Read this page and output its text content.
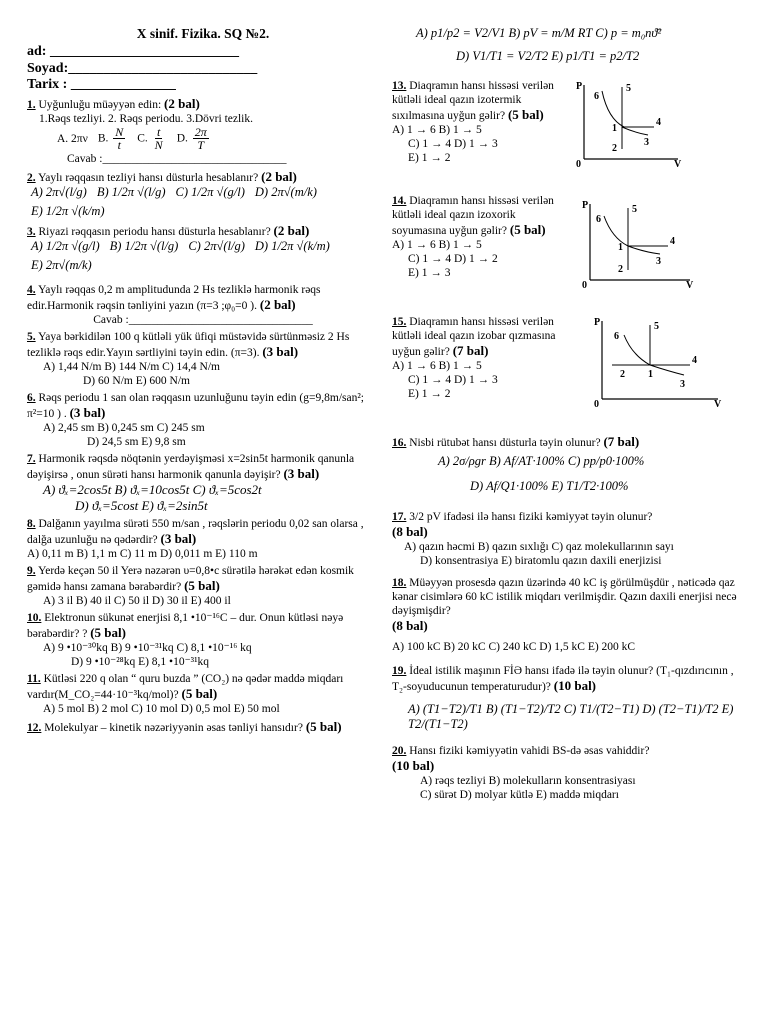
X sinif. Fizika. SQ №2.
ad: ___________________________
Soyad:___________________________
Tarix : _______________
1. Uyğunluğu müəyyən edin: (2 bal)
1.Rəqs tezliyi. 2. Rəqs periodu. 3.Dövri tezlik.
A. 2πν B. $\frac{N}{t} C$. $\frac{t}{N} D$. $\frac{2\pi}{T}$
Cavab :________________________________
2. Yaylı rəqqasın tezliyi hansı düsturla hesablanır? (2 bal)
A) 2π√(l/g) B) 1/2π √(l/g) C) 1/2π √(g/l) D) 2π√(m/k)
E) 1/2π √(k/m)
3. Riyazi rəqqasın periodu hansı düsturla hesablanır? (2 bal)
A) 1/2π √(g/l) B) 1/2π √(l/g) C) 2π√(l/g) D) 1/2π √(k/m)
E) 2π√(m/k)
4. Yaylı rəqqas 0,2 m amplitudunda 2 Hs tezliklə harmonik rəqs edir.Harmonik rəqsin tənliyini yazın (π=3 ;φ₀=0 ). (2 bal)
Cavab :________________________________
5. Yaya bərkidilən 100 q kütləli yük üfiqi müstəvidə sürtünməsiz 2 Hs tezliklə rəqs edir.Yayın sərtliyini təyin edin. (π=3). (3 bal)
A) 1,44 N/m B) 144 N/m C) 14,4 N/m
D) 60 N/m E) 600 N/m
6. Rəqs periodu 1 san olan rəqqasın uzunluğunu təyin edin (g=9,8m/san²; π²=10 ) . (3 bal)
A) 2,45 sm B) 0,245 sm C) 245 sm
D) 24,5 sm E) 9,8 sm
7. Harmonik rəqsdə nöqtənin yerdəyişməsi x=2sin5t harmonik qanunla dəyişirsə , onun sürəti hansı harmonik qanunla dəyişir? (3 bal)
A) ϑₓ=2cos5t B) ϑₓ=10cos5t C) ϑₓ=5cos2t
D) ϑₓ=5cost E) ϑₓ=2sin5t
8. Dalğanın yayılma sürəti 550 m/san , rəqslərin periodu 0,02 san olarsa , dalğa uzunluğu nə qədərdir? (3 bal)
A) 0,11 m B) 1,1 m C) 11 m D) 0,011 m E) 110 m
9. Yerdə keçən 50 il Yerə nəzərən υ=0,8•c sürətilə hərəkət edən kosmik gəmidə hansı zamana bərabərdir? (5 bal)
A) 3 il B) 40 il C) 50 il D) 30 il E) 400 il
10. Elektronun sükunət enerjisi 8,1 •10⁻¹⁶C – dur. Onun kütləsi nəyə bərabərdir? ? (5 bal)
A) 9 •10⁻³⁰kq B) 9 •10⁻³¹kq C) 8,1 •10⁻¹⁶ kq
D) 9 •10⁻²⁸kq E) 8,1 •10⁻³¹kq
11. Kütləsi 220 q olan “ quru buzda ” (CO₂) nə qədər maddə miqdarı vardır(M_CO₂=44·10⁻³kq/mol)? (5 bal)
A) 5 mol B) 2 mol C) 10 mol D) 0,5 mol E) 50 mol
12. Molekulyar – kinetik nəzəriyyənin əsas tənliyi hansıdır? (5 bal)
A) p1/p2 = V2/V1 B) pV = m/M RT C) p = m₀nϑ̄²
D) V1/T1 = V2/T2 E) p1/T1 = p2/T2
13. Diaqramın hansı hissəsi verilən kütləli ideal qazın izotermik sıxılmasına uyğun gəlir? (5 bal)
A) 1 → 6 B) 1 → 5
C) 1 → 4 D) 1 → 3
E) 1 → 2
P
V
0
6
5
4
3
1
2
14. Diaqramın hansı hissəsi verilən kütləli ideal qazın izoxorik soyumasına uyğun gəlir? (5 bal)
A) 1 → 6 B) 1 → 5
C) 1 → 4 D) 1 → 2
E) 1 → 3
P
V
0
6
5
4
3
1
2
15. Diaqramın hansı hissəsi verilən kütləli ideal qazın izobar qızmasına uyğun gəlir? (7 bal)
A) 1 → 6 B) 1 → 5
C) 1 → 4 D) 1 → 3
E) 1 → 2
P
V
0
6
5
4
3
1
2
16. Nisbi rütubət hansı düsturla təyin olunur? (7 bal)
A) 2σ/ρgr B) Af/AT·100% C) pp/p0·100%
D) Af/Q1·100% E) T1/T2·100%
17. 3/2 pV ifadəsi ilə hansı fiziki kəmiyyət təyin olunur?
(8 bal)
A) qazın həcmi B) qazın sıxlığı C) qaz molekullarının sayı
D) konsentrasiya E) biratomlu qazın daxili enerjizisi
18. Müəyyən prosesdə qazın üzərində 40 kC iş görülmüşdür , nəticədə qaz kənar cisimlərə 60 kC istilik miqdarı verilmişdir. Qazın daxili enerjisi necə dəyişmişdir?
(8 bal)
A) 100 kC B) 20 kC C) 240 kC D) 1,5 kC E) 200 kC
19. İdeal istilik maşının FİƏ hansı ifadə ilə təyin olunur? (T₁-qızdırıcının , T₂-soyuducunun temperaturudur)? (10 bal)
A) (T1−T2)/T1 B) (T1−T2)/T2 C) T1/(T2−T1) D) (T2−T1)/T2 E) T2/(T1−T2)
20. Hansı fiziki kəmiyyətin vahidi BS-də əsas vahiddir?
(10 bal)
A) rəqs tezliyi B) molekulların konsentrasiyası
C) sürət D) molyar kütlə E) maddə miqdarı
